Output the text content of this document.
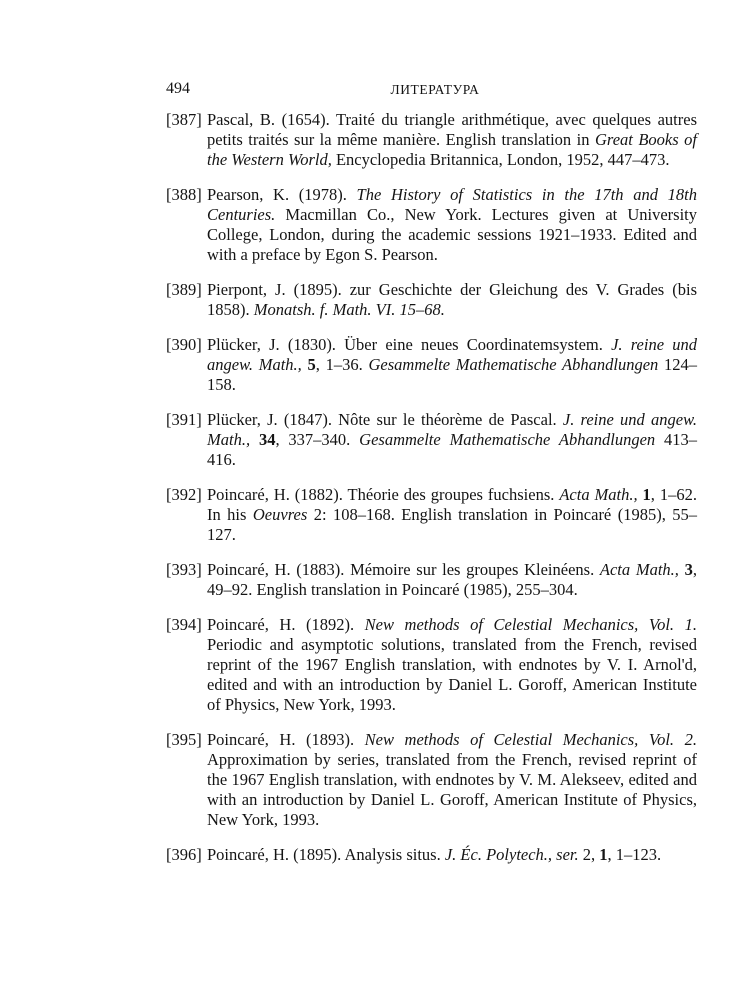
494	ЛИТЕРАТУРА
[387] Pascal, B. (1654). Traité du triangle arithmétique, avec quelques autres petits traités sur la même manière. English translation in Great Books of the Western World, Encyclopedia Britannica, London, 1952, 447–473.
[388] Pearson, K. (1978). The History of Statistics in the 17th and 18th Centuries. Macmillan Co., New York. Lectures given at University College, London, during the academic sessions 1921–1933. Edited and with a preface by Egon S. Pearson.
[389] Pierpont, J. (1895). zur Geschichte der Gleichung des V. Grades (bis 1858). Monatsh. f. Math. VI. 15–68.
[390] Plücker, J. (1830). Über eine neues Coordinatemsystem. J. reine und angew. Math., 5, 1–36. Gesammelte Mathematische Abhandlungen 124–158.
[391] Plücker, J. (1847). Nôte sur le théorème de Pascal. J. reine und angew. Math., 34, 337–340. Gesammelte Mathematische Abhandlungen 413–416.
[392] Poincaré, H. (1882). Théorie des groupes fuchsiens. Acta Math., 1, 1–62. In his Oeuvres 2: 108–168. English translation in Poincaré (1985), 55–127.
[393] Poincaré, H. (1883). Mémoire sur les groupes Kleinéens. Acta Math., 3, 49–92. English translation in Poincaré (1985), 255–304.
[394] Poincaré, H. (1892). New methods of Celestial Mechanics, Vol. 1. Periodic and asymptotic solutions, translated from the French, revised reprint of the 1967 English translation, with endnotes by V. I. Arnol'd, edited and with an introduction by Daniel L. Goroff, American Institute of Physics, New York, 1993.
[395] Poincaré, H. (1893). New methods of Celestial Mechanics, Vol. 2. Approximation by series, translated from the French, revised reprint of the 1967 English translation, with endnotes by V. M. Alekseev, edited and with an introduction by Daniel L. Goroff, American Institute of Physics, New York, 1993.
[396] Poincaré, H. (1895). Analysis situs. J. Éc. Polytech., ser. 2, 1, 1–123.
